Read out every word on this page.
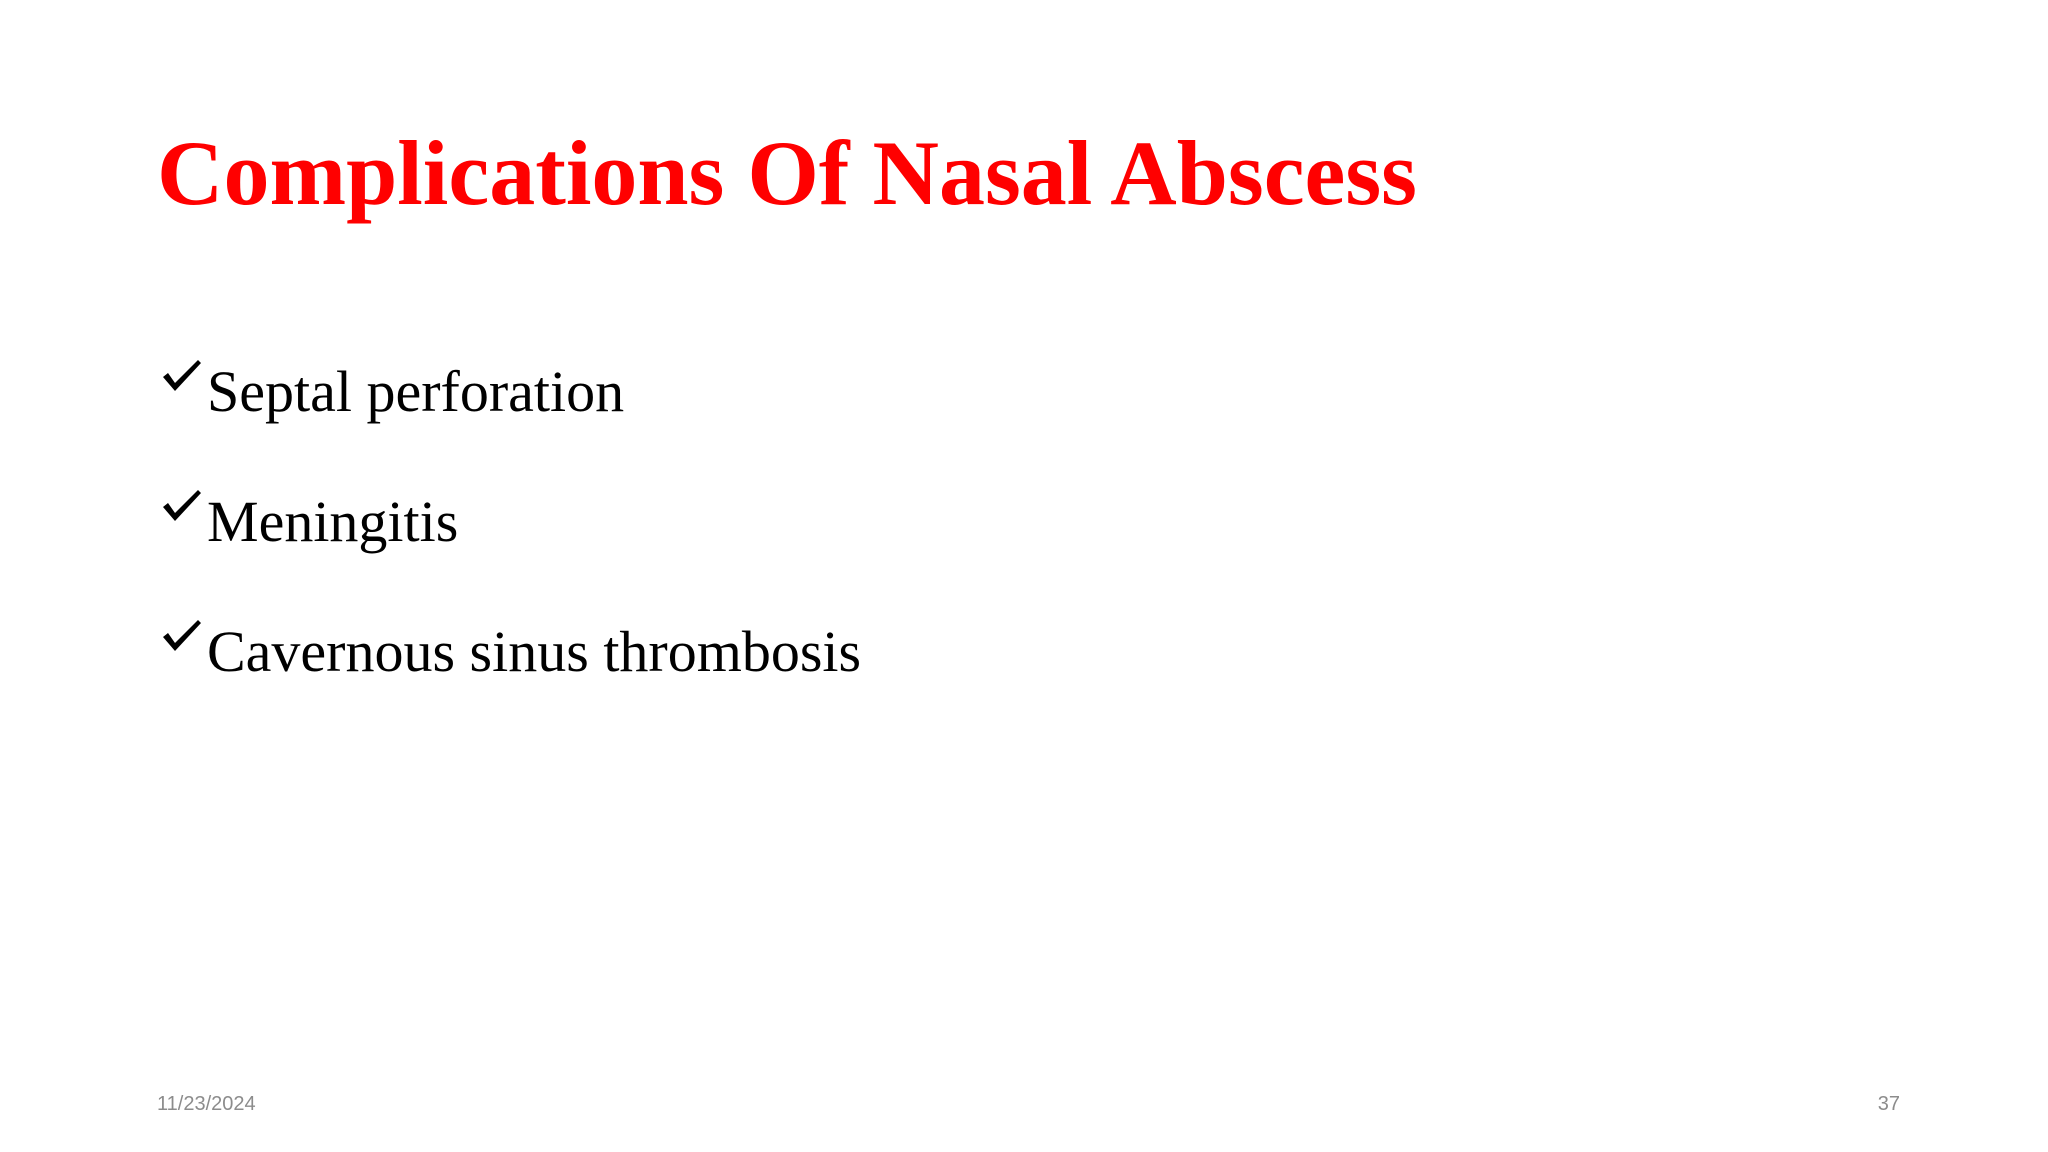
Complications Of Nasal Abscess
Septal perforation
Meningitis
Cavernous sinus thrombosis
11/23/2024	37
